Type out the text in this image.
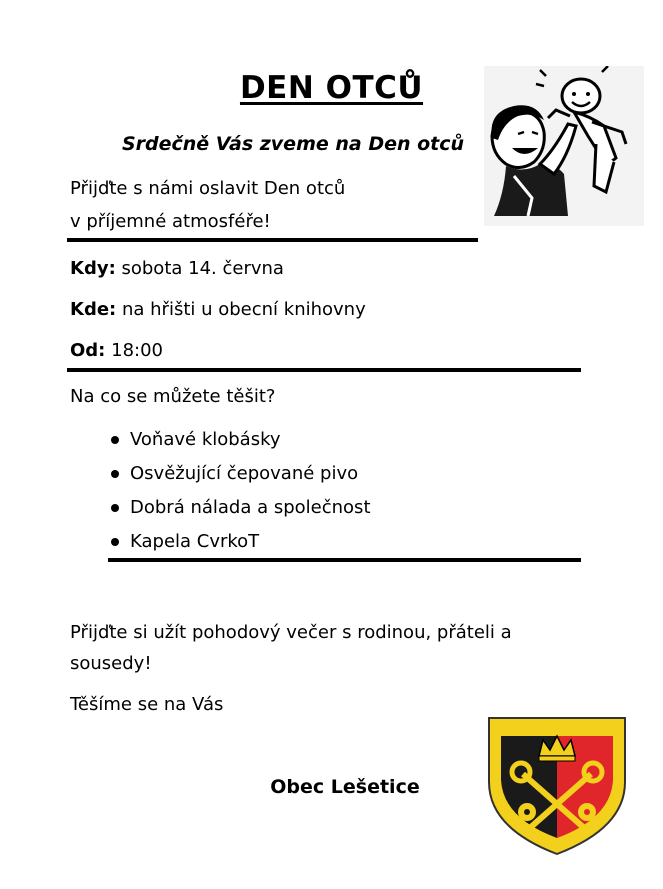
DEN OTCŮ
Srdečně Vás zveme na Den otců
Přijďte s námi oslavit Den otců
v příjemné atmosféře!
Kdy: sobota 14. června
Kde: na hřišti u obecní knihovny
Od: 18:00
Na co se můžete těšit?
Voňavé klobásky
Osvěžující čepované pivo
Dobrá nálada a společnost
Kapela CvrkoT
Přijďte si užít pohodový večer s rodinou, přáteli a
sousedy!
Těšíme se na Vás
Obec Lešetice
